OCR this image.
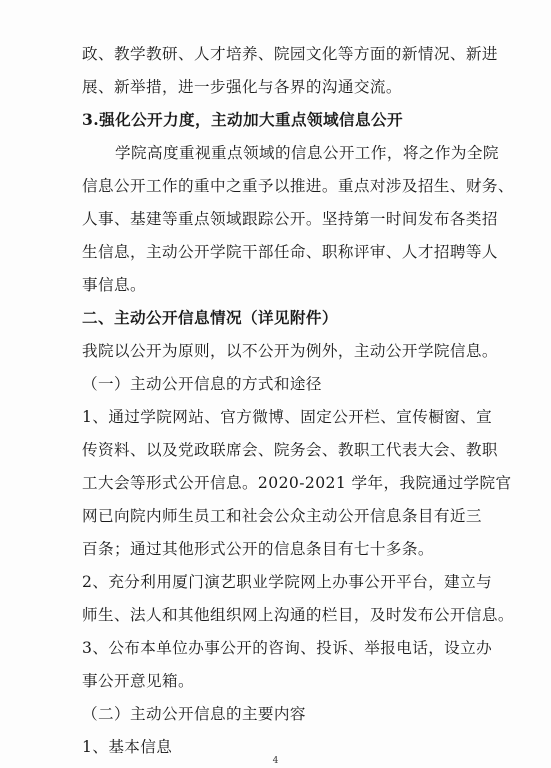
政、教学教研、人才培养、院园文化等方面的新情况、新进
展、新举措，进一步强化与各界的沟通交流。
3.强化公开力度，主动加大重点领域信息公开
学院高度重视重点领域的信息公开工作，将之作为全院
信息公开工作的重中之重予以推进。重点对涉及招生、财务、
人事、基建等重点领域跟踪公开。坚持第一时间发布各类招
生信息，主动公开学院干部任命、职称评审、人才招聘等人
事信息。
二、主动公开信息情况（详见附件）
我院以公开为原则，以不公开为例外，主动公开学院信息。
（一）主动公开信息的方式和途径
1、通过学院网站、官方微博、固定公开栏、宣传橱窗、宣
传资料、以及党政联席会、院务会、教职工代表大会、教职
工大会等形式公开信息。2020-2021 学年，我院通过学院官
网已向院内师生员工和社会公众主动公开信息条目有近三
百条；通过其他形式公开的信息条目有七十多条。
2、充分利用厦门演艺职业学院网上办事公开平台，建立与
师生、法人和其他组织网上沟通的栏目，及时发布公开信息。
3、公布本单位办事公开的咨询、投诉、举报电话，设立办
事公开意见箱。
（二）主动公开信息的主要内容
1、基本信息
4
